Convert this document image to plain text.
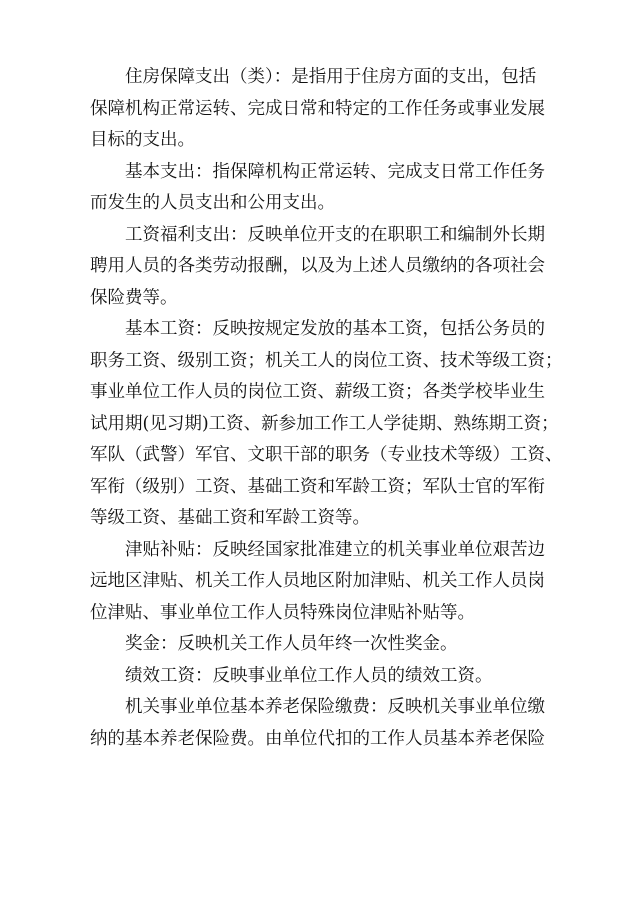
住房保障支出（类）：是指用于住房方面的支出，包括
保障机构正常运转、完成日常和特定的工作任务或事业发展
目标的支出。

基本支出：指保障机构正常运转、完成支日常工作任务
而发生的人员支出和公用支出。

工资福利支出：反映单位开支的在职职工和编制外长期
聘用人员的各类劳动报酬，以及为上述人员缴纳的各项社会
保险费等。

基本工资：反映按规定发放的基本工资，包括公务员的
职务工资、级别工资；机关工人的岗位工资、技术等级工资；
事业单位工作人员的岗位工资、薪级工资；各类学校毕业生
试用期(见习期)工资、新参加工作工人学徒期、熟练期工资；
军队（武警）军官、文职干部的职务（专业技术等级）工资、
军衔（级别）工资、基础工资和军龄工资；军队士官的军衔
等级工资、基础工资和军龄工资等。

津贴补贴：反映经国家批准建立的机关事业单位艰苦边
远地区津贴、机关工作人员地区附加津贴、机关工作人员岗
位津贴、事业单位工作人员特殊岗位津贴补贴等。

奖金：反映机关工作人员年终一次性奖金。

绩效工资：反映事业单位工作人员的绩效工资。

机关事业单位基本养老保险缴费：反映机关事业单位缴
纳的基本养老保险费。由单位代扣的工作人员基本养老保险
